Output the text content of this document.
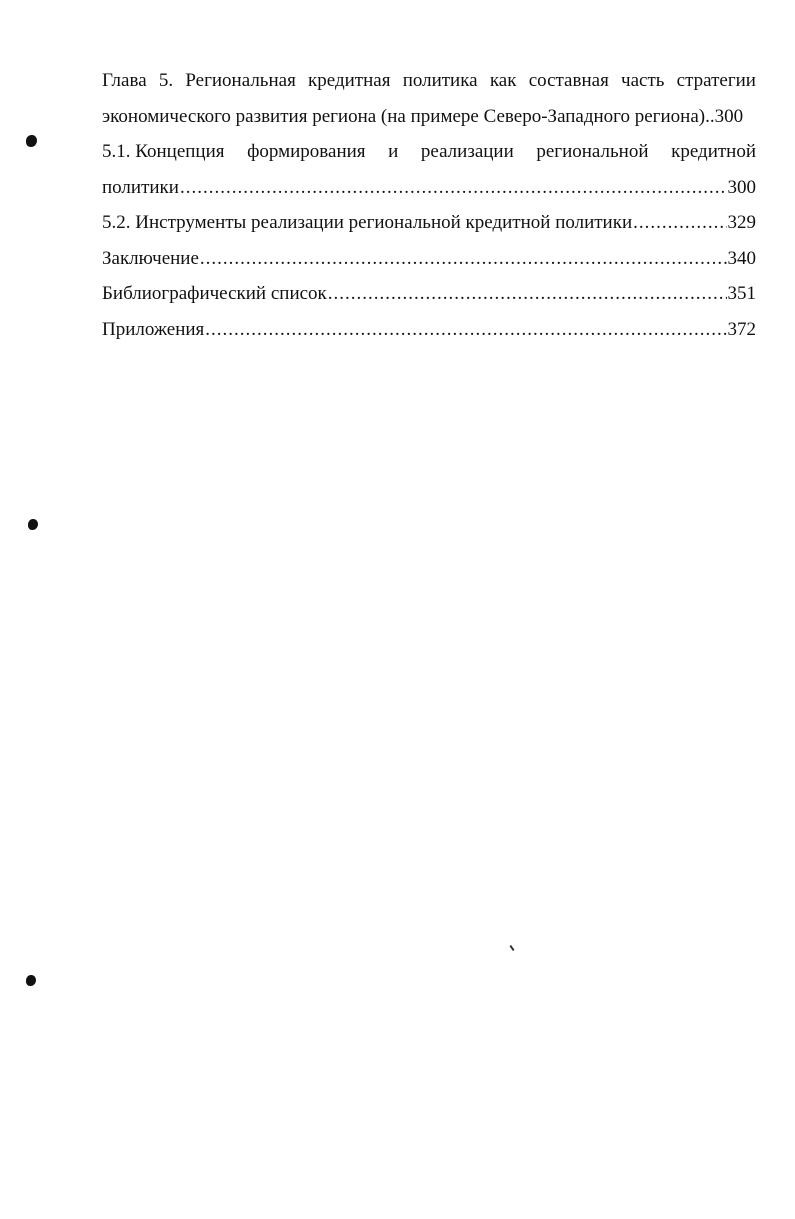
Глава 5. Региональная кредитная политика как составная часть стратегии
экономического развития региона (на примере Северо-Западного региона).. 300
5.1. Концепция формирования и реализации региональной кредитной
политики .....	300
5.2. Инструменты реализации региональной кредитной политики .....	329
Заключение .....	340
Библиографический список .....	351
Приложения .....	372
